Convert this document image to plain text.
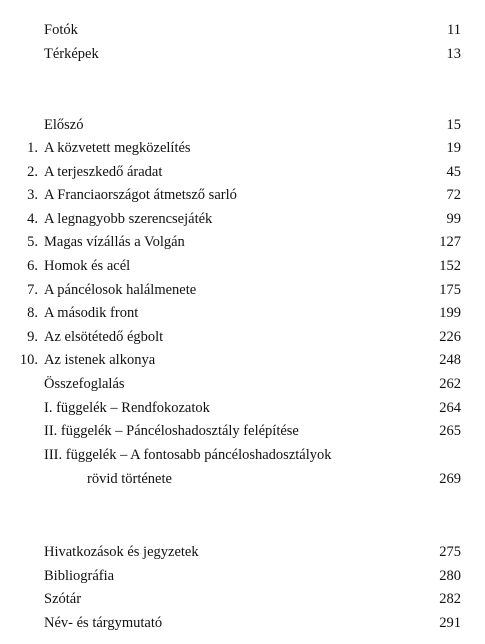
Fotók	11
Térképek	13
Előszó	15
1. A közvetett megközelítés	19
2. A terjeszkedő áradat	45
3. A Franciaországot átmetsző sarló	72
4. A legnagyobb szerencsejáték	99
5. Magas vízállás a Volgán	127
6. Homok és acél	152
7. A páncélosok halálmenete	175
8. A második front	199
9. Az elsötétedő égbolt	226
10. Az istenek alkonya	248
Összefoglalás	262
I. függelék – Rendfokozatok	264
II. függelék – Páncéloshadosztály felépítése	265
III. függelék – A fontosabb páncéloshadosztályok
rövid története	269
Hivatkozások és jegyzetek	275
Bibliográfia	280
Szótár	282
Név- és tárgymutató	291
